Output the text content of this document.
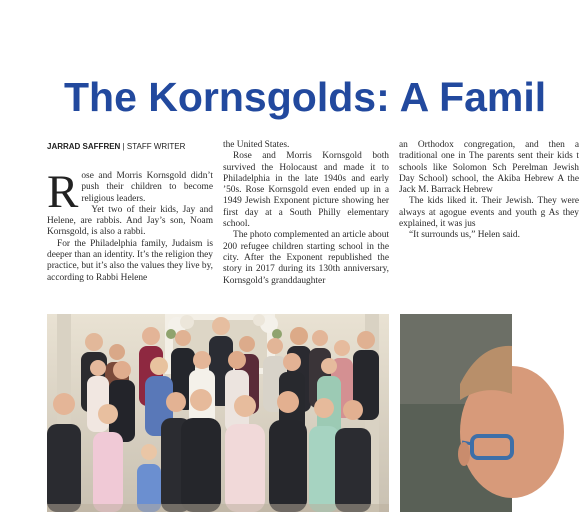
The Kornsgolds: A Famil
JARRAD SAFFREN | STAFF WRITER

Rose and Morris Kornsgold didn’t push their children to become religious leaders.

Yet two of their kids, Jay and Helene, are rabbis. And Jay’s son, Noam Kornsgold, is also a rabbi.

For the Philadelphia family, Judaism is deeper than an identity. It’s the religion they practice, but it’s also the values they live by, according to Rabbi Helene

the United States.

Rose and Morris Kornsgold both survived the Holocaust and made it to Philadelphia in the late 1940s and early ’50s. Rose Kornsgold even ended up in a 1949 Jewish Exponent picture showing her first day at a South Philly elementary school.

The photo complemented an article about 200 refugee children starting school in the city. After the Exponent republished the story in 2017 during its 130th anniversary, Kornsgold’s granddaughter

an Orthodox congregation, and then a traditional one in The parents sent their kids t schools like Solomon Sch Perelman Jewish Day School) school, the Akiba Hebrew A the Jack M. Barrack Hebrew

The kids liked it. Their Jewish. They were always at agogue events and youth g As they explained, it was jus

“It surrounds us,” Helen said.
